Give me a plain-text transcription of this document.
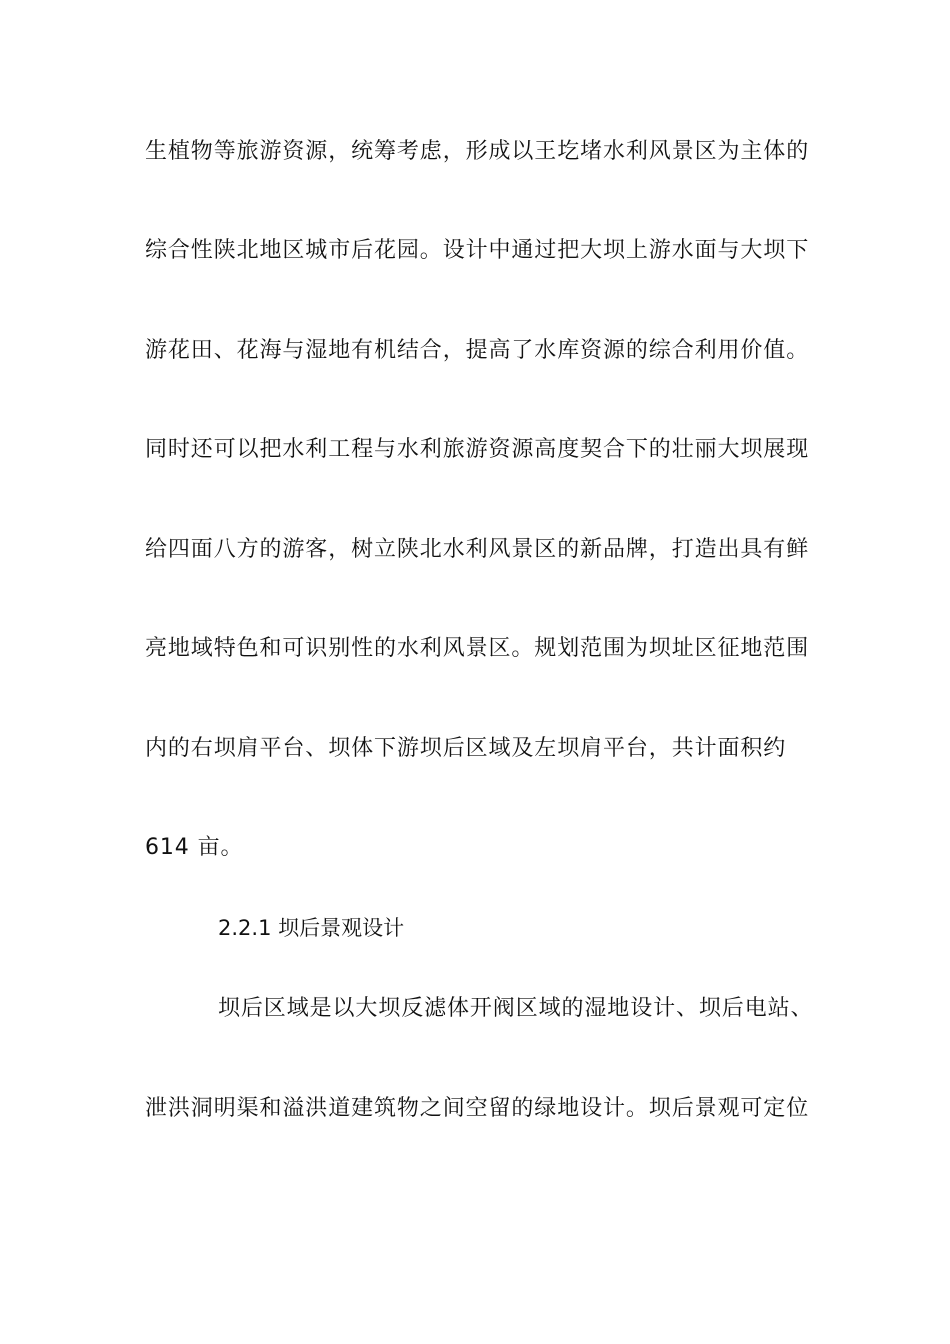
生植物等旅游资源，统筹考虑，形成以王圪堵水利风景区为主体的
综合性陕北地区城市后花园。设计中通过把大坝上游水面与大坝下
游花田、花海与湿地有机结合，提高了水库资源的综合利用价值。
同时还可以把水利工程与水利旅游资源高度契合下的壮丽大坝展现
给四面八方的游客，树立陕北水利风景区的新品牌，打造出具有鲜
亮地域特色和可识别性的水利风景区。规划范围为坝址区征地范围
内的右坝肩平台、坝体下游坝后区域及左坝肩平台，共计面积约
614 亩。
2.2.1 坝后景观设计
坝后区域是以大坝反滤体开阀区域的湿地设计、坝后电站、
泄洪洞明渠和溢洪道建筑物之间空留的绿地设计。坝后景观可定位
